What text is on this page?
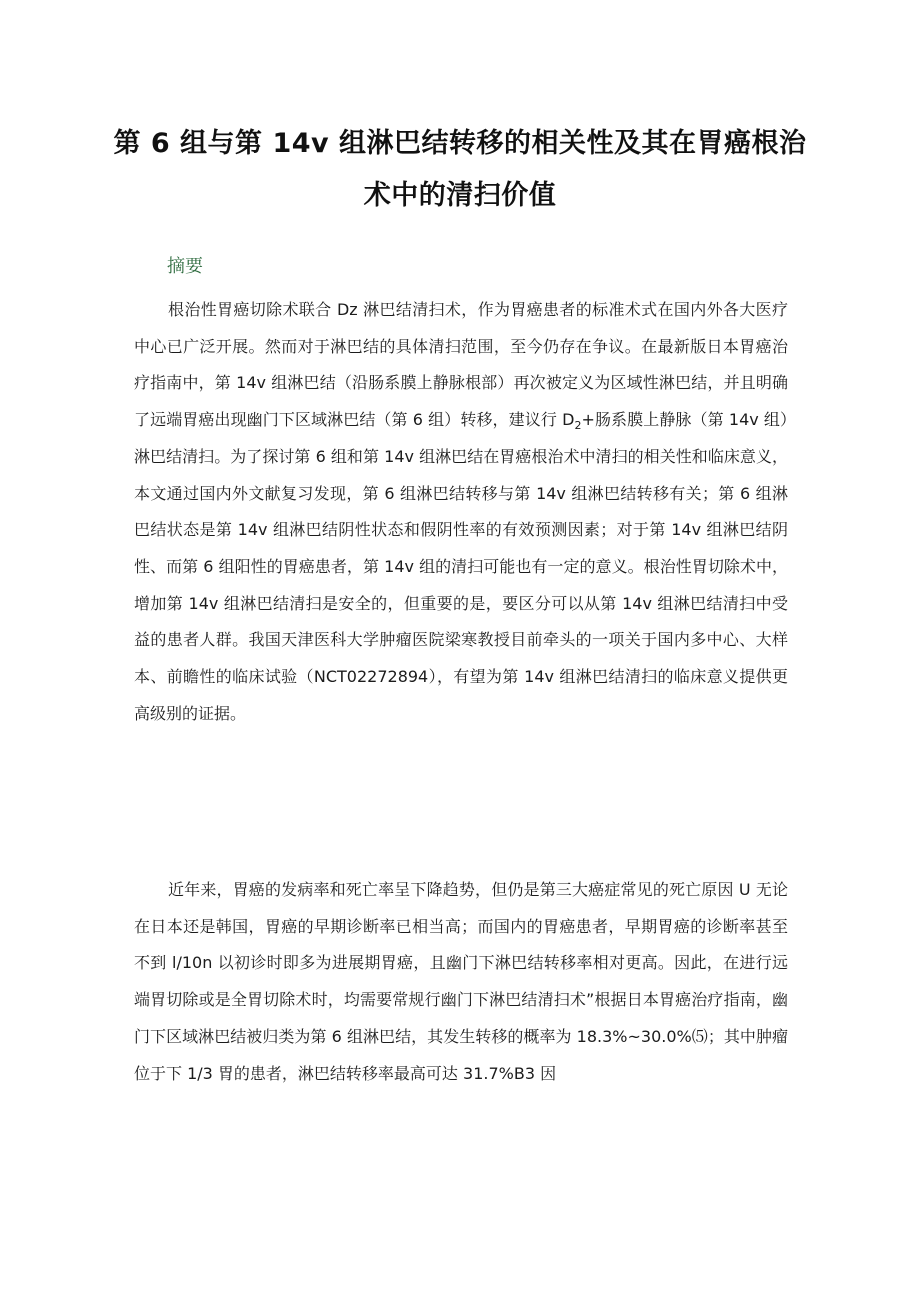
第 6 组与第 14v 组淋巴结转移的相关性及其在胃癌根治
术中的清扫价值
摘要

根治性胃癌切除术联合 Dz 淋巴结清扫术，作为胃癌患者的标准术式在国内外各大医疗中心已广泛开展。然而对于淋巴结的具体清扫范围，至今仍存在争议。在最新版日本胃癌治疗指南中，第 14v 组淋巴结（沿肠系膜上静脉根部）再次被定义为区域性淋巴结，并且明确了远端胃癌出现幽门下区域淋巴结（第 6 组）转移，建议行 $D_2+$肠系膜上静脉（第 14v 组）淋巴结清扫。为了探讨第 6 组和第 14v 组淋巴结在胃癌根治术中清扫的相关性和临床意义，本文通过国内外文献复习发现，第 6 组淋巴结转移与第 14v 组淋巴结转移有关；第 6 组淋巴结状态是第 14v 组淋巴结阴性状态和假阴性率的有效预测因素；对于第 14v 组淋巴结阴性、而第 6 组阳性的胃癌患者，第 14v 组的清扫可能也有一定的意义。根治性胃切除术中，增加第 14v 组淋巴结清扫是安全的，但重要的是，要区分可以从第 14v 组淋巴结清扫中受益的患者人群。我国天津医科大学肿瘤医院梁寒教授目前牵头的一项关于国内多中心、大样本、前瞻性的临床试验（NCT02272894），有望为第 14v 组淋巴结清扫的临床意义提供更高级别的证据。

近年来，胃癌的发病率和死亡率呈下降趋势，但仍是第三大癌症常见的死亡原因 U 无论在日本还是韩国，胃癌的早期诊断率已相当高；而国内的胃癌患者，早期胃癌的诊断率甚至不到 l/10n 以初诊时即多为进展期胃癌，且幽门下淋巴结转移率相对更高。因此，在进行远端胃切除或是全胃切除术时，均需要常规行幽门下淋巴结清扫术”根据日本胃癌治疗指南，幽门下区域淋巴结被归类为第 6 组淋巴结，其发生转移的概率为 18.3%~30.0%⑸；其中肿瘤位于下 1/3 胃的患者，淋巴结转移率最高可达 31.7%B3 因
